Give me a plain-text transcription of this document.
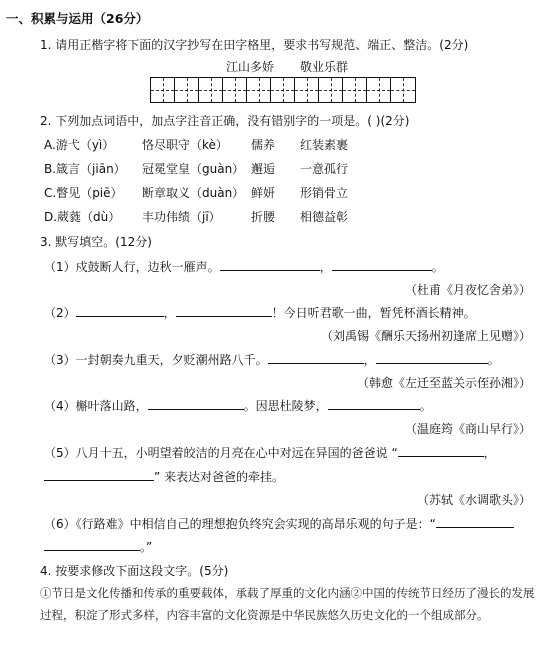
一、积累与运用（26分）
1. 请用正楷字将下面的汉字抄写在田字格里，要求书写规范、端正、整洁。(2分)
江山多娇 敬业乐群
2. 下列加点词语中，加点字注音正确，没有错别字的一项是。( )(2分)
A.游弋（yì） 恪尽职守（kè） 儒养 红装素裹
B.箴言（jiān） 冠冕堂皇（guàn） 邂逅 一意孤行
C.瞥见（piē） 断章取义（duàn） 鲜妍 形销骨立
D.葳蕤（dù） 丰功伟绩（jī）	折腰 相德益彰
3. 默写填空。(12分)
（1）戍鼓断人行，边秋一雁声。	，	。
（杜甫《月夜忆舍弟》）
（2）	，	！今日听君歌一曲，暂凭杯酒长精神。
（刘禹锡《酬乐天扬州初逢席上见赠》）
（3）一封朝奏九重天，夕贬潮州路八千。	，	。
（韩愈《左迁至蓝关示侄孙湘》）
（4）槲叶落山路，	。因思杜陵梦，	。
（温庭筠《商山早行》）
（5）八月十五，小明望着皎洁的月亮在心中对远在异国的爸爸说 “	，
” 来表达对爸爸的牵挂。
（苏轼《水调歌头》）
（6）《行路难》中相信自己的理想抱负终究会实现的高昂乐观的句子是：“
。”
4. 按要求修改下面这段文字。(5分)
①节日是文化传播和传承的重要载体，承载了厚重的文化内涵②中国的传统节日经历了漫长的发展过程，积淀了形式多样，内容丰富的文化资源是中华民族悠久历史文化的一个组成部分。
